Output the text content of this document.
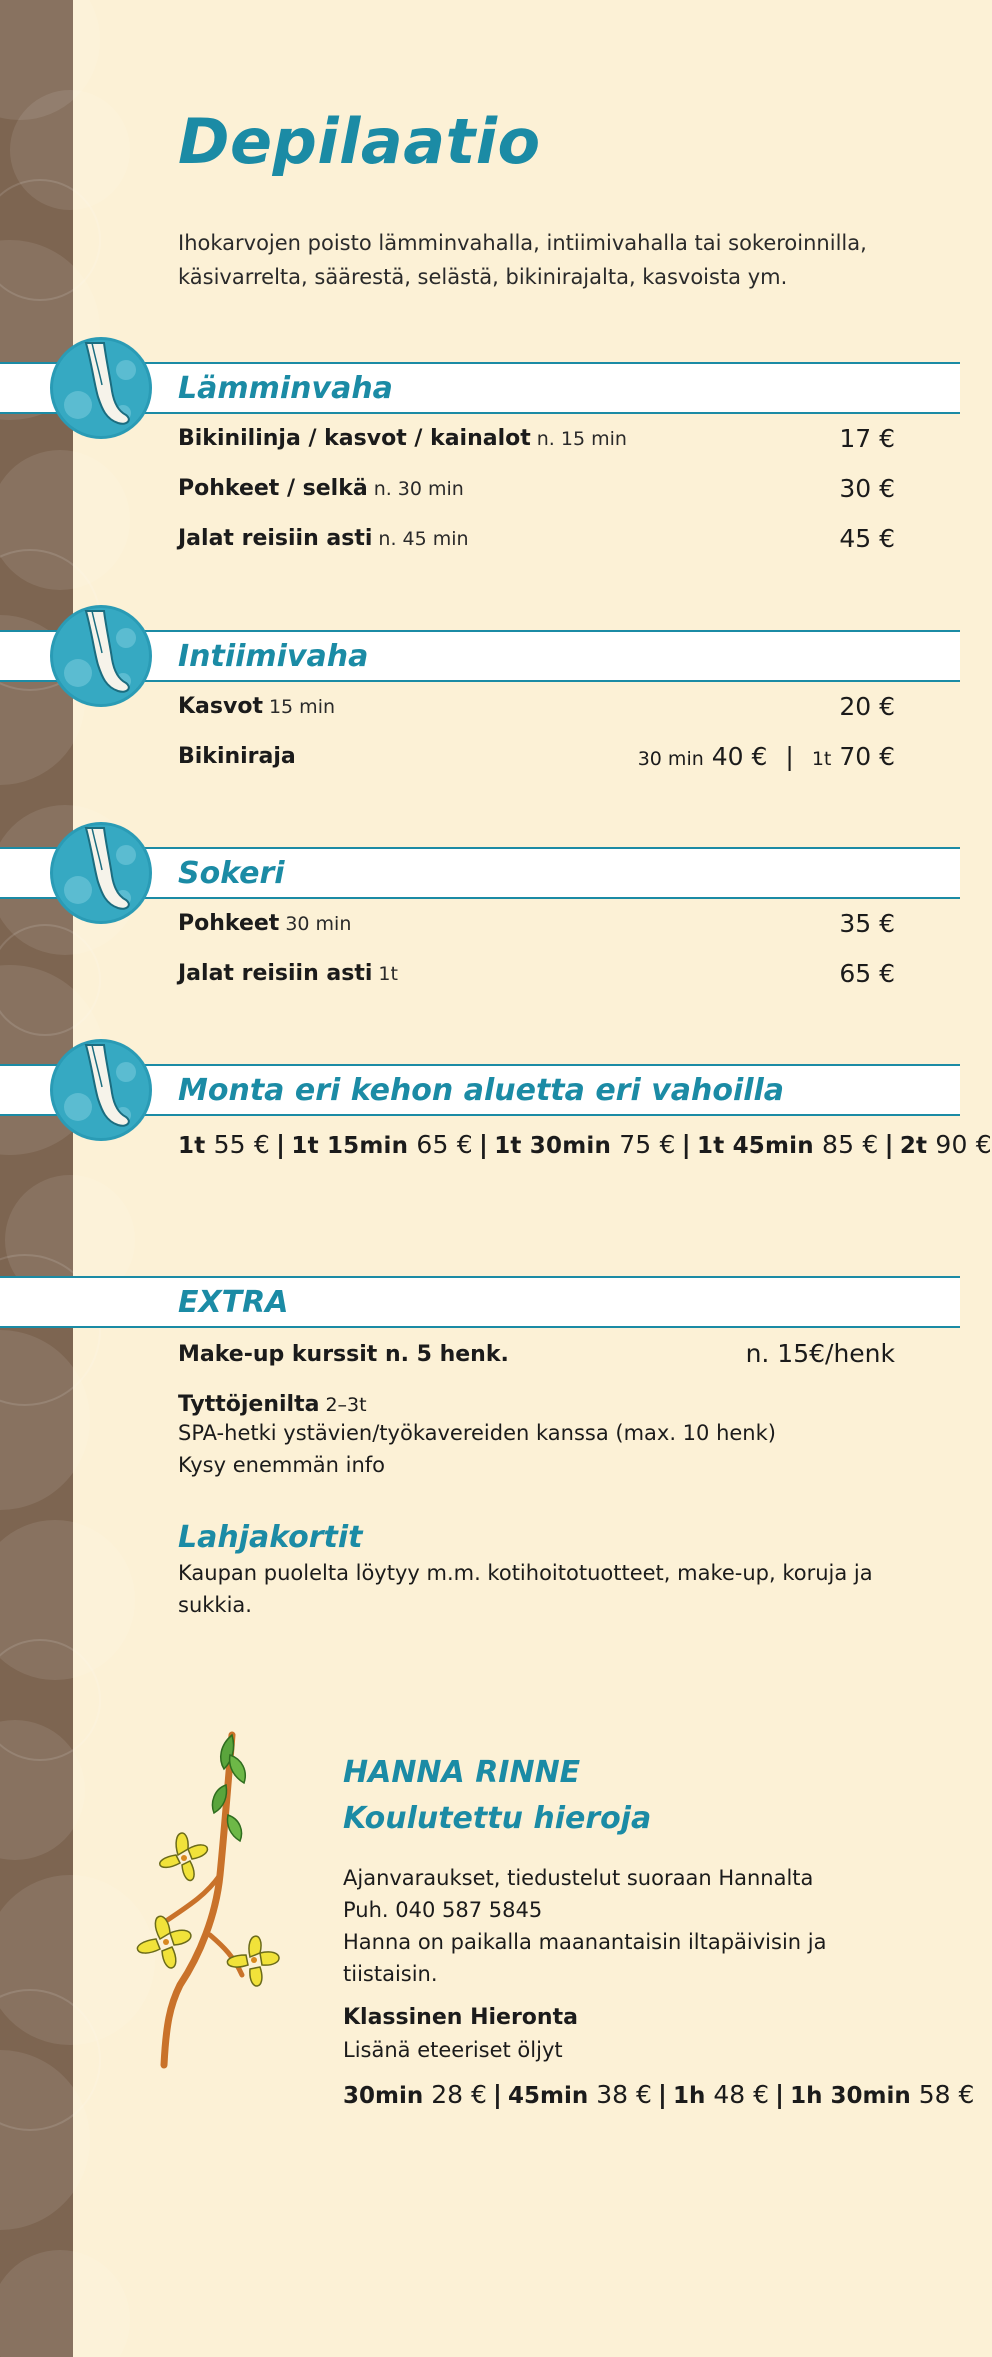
Depilaatio
Ihokarvojen poisto lämminvahalla, intiimivahalla tai sokeroinnilla, käsivarrelta, säärestä, selästä, bikinirajalta, kasvoista ym.
Lämminvaha
Bikinilinja / kasvot / kainalot n. 15 min	17 €
Pohkeet / selkä n. 30 min	30 €
Jalat reisiin asti n. 45 min	45 €
Intiimivaha
Kasvot 15 min	20 €
Bikiniraja	30 min 40 € | 1t 70 €
Sokeri
Pohkeet 30 min	35 €
Jalat reisiin asti 1t	65 €
Monta eri kehon aluetta eri vahoilla
1t 55 € | 1t 15min 65 € | 1t 30min 75 € | 1t 45min 85 € | 2t 90 €
EXTRA
Make-up kurssit n. 5 henk.	n. 15€/henk
Tyttöjenilta 2–3t
SPA-hetki ystävien/työkavereiden kanssa (max. 10 henk)
Kysy enemmän info
Lahjakortit
Kaupan puolelta löytyy m.m. kotihoitotuotteet, make-up, koruja ja sukkia.
HANNA RINNE
Koulutettu hieroja
Ajanvaraukset, tiedustelut suoraan Hannalta
Puh. 040 587 5845
Hanna on paikalla maanantaisin iltapäivisin ja tiistaisin.
Klassinen Hieronta
Lisänä eteeriset öljyt
30min 28 € | 45min 38 € | 1h 48 € | 1h 30min 58 €
